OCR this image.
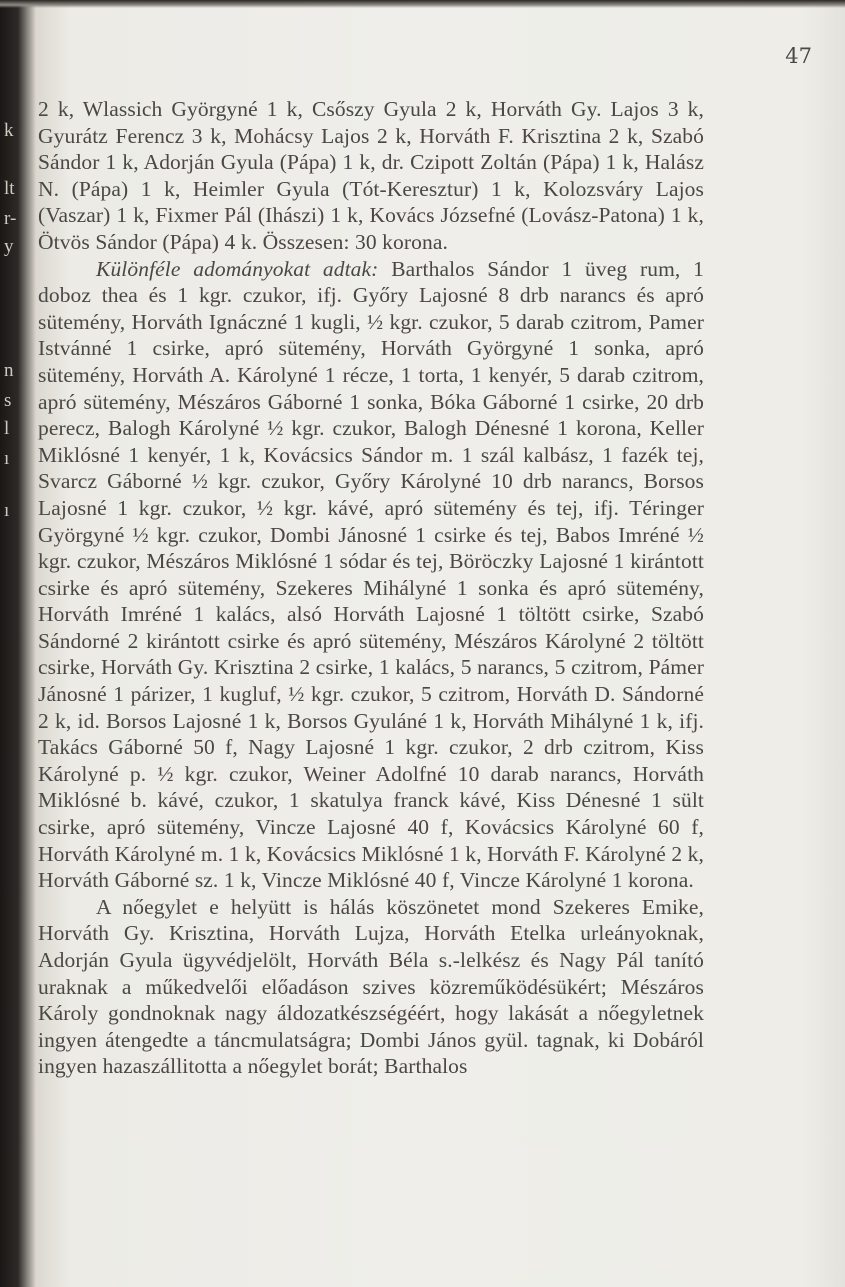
k
lt
r-
y
n
s
l
ı
ı
47

2 k, Wlassich Györgyné 1 k, Csőszy Gyula 2 k, Horváth Gy. Lajos 3 k, Gyurátz Ferencz 3 k, Mohácsy Lajos 2 k, Horváth F. Krisztina 2 k, Szabó Sándor 1 k, Adorján Gyula (Pápa) 1 k, dr. Czipott Zoltán (Pápa) 1 k, Halász N. (Pápa) 1 k, Heimler Gyula (Tót-Keresztur) 1 k, Kolozsváry Lajos (Vaszar) 1 k, Fixmer Pál (Ihászi) 1 k, Kovács Józsefné (Lovász-Patona) 1 k, Ötvös Sándor (Pápa) 4 k. Összesen: 30 korona.

Különféle adományokat adtak: Barthalos Sándor 1 üveg rum, 1 doboz thea és 1 kgr. czukor, ifj. Győry Lajosné 8 drb narancs és apró sütemény, Horváth Ignáczné 1 kugli, ½ kgr. czukor, 5 darab czitrom, Pamer Istvánné 1 csirke, apró sütemény, Horváth Györgyné 1 sonka, apró sütemény, Horváth A. Károlyné 1 récze, 1 torta, 1 kenyér, 5 darab czitrom, apró sütemény, Mészáros Gáborné 1 sonka, Bóka Gáborné 1 csirke, 20 drb perecz, Balogh Károlyné ½ kgr. czukor, Balogh Dénesné 1 korona, Keller Miklósné 1 kenyér, 1 k, Kovácsics Sándor m. 1 szál kalbász, 1 fazék tej, Svarcz Gáborné ½ kgr. czukor, Győry Károlyné 10 drb narancs, Borsos Lajosné 1 kgr. czukor, ½ kgr. kávé, apró sütemény és tej, ifj. Téringer Györgyné ½ kgr. czukor, Dombi Jánosné 1 csirke és tej, Babos Imréné ½ kgr. czukor, Mészáros Miklósné 1 sódar és tej, Böröczky Lajosné 1 kirántott csirke és apró sütemény, Szekeres Mihályné 1 sonka és apró sütemény, Horváth Imréné 1 kalács, alsó Horváth Lajosné 1 töltött csirke, Szabó Sándorné 2 kirántott csirke és apró sütemény, Mészáros Károlyné 2 töltött csirke, Horváth Gy. Krisztina 2 csirke, 1 kalács, 5 narancs, 5 czitrom, Pámer Jánosné 1 párizer, 1 kugluf, ½ kgr. czukor, 5 czitrom, Horváth D. Sándorné 2 k, id. Borsos Lajosné 1 k, Borsos Gyuláné 1 k, Horváth Mihályné 1 k, ifj. Takács Gáborné 50 f, Nagy Lajosné 1 kgr. czukor, 2 drb czitrom, Kiss Károlyné p. ½ kgr. czukor, Weiner Adolfné 10 darab narancs, Horváth Miklósné b. kávé, czukor, 1 skatulya franck kávé, Kiss Dénesné 1 sült csirke, apró sütemény, Vincze Lajosné 40 f, Kovácsics Károlyné 60 f, Horváth Károlyné m. 1 k, Kovácsics Miklósné 1 k, Horváth F. Károlyné 2 k, Horváth Gáborné sz. 1 k, Vincze Miklósné 40 f, Vincze Károlyné 1 korona.

A nőegylet e helyütt is hálás köszönetet mond Szekeres Emike, Horváth Gy. Krisztina, Horváth Lujza, Horváth Etelka urleányoknak, Adorján Gyula ügyvédjelölt, Horváth Béla s.-lelkész és Nagy Pál tanító uraknak a műkedvelői előadáson szives közreműködésükért; Mészáros Károly gondnoknak nagy áldozatkészségéért, hogy lakását a nőegyletnek ingyen átengedte a táncmulatságra; Dombi János gyül. tagnak, ki Dobáról ingyen hazaszállitotta a nőegylet borát; Barthalos
